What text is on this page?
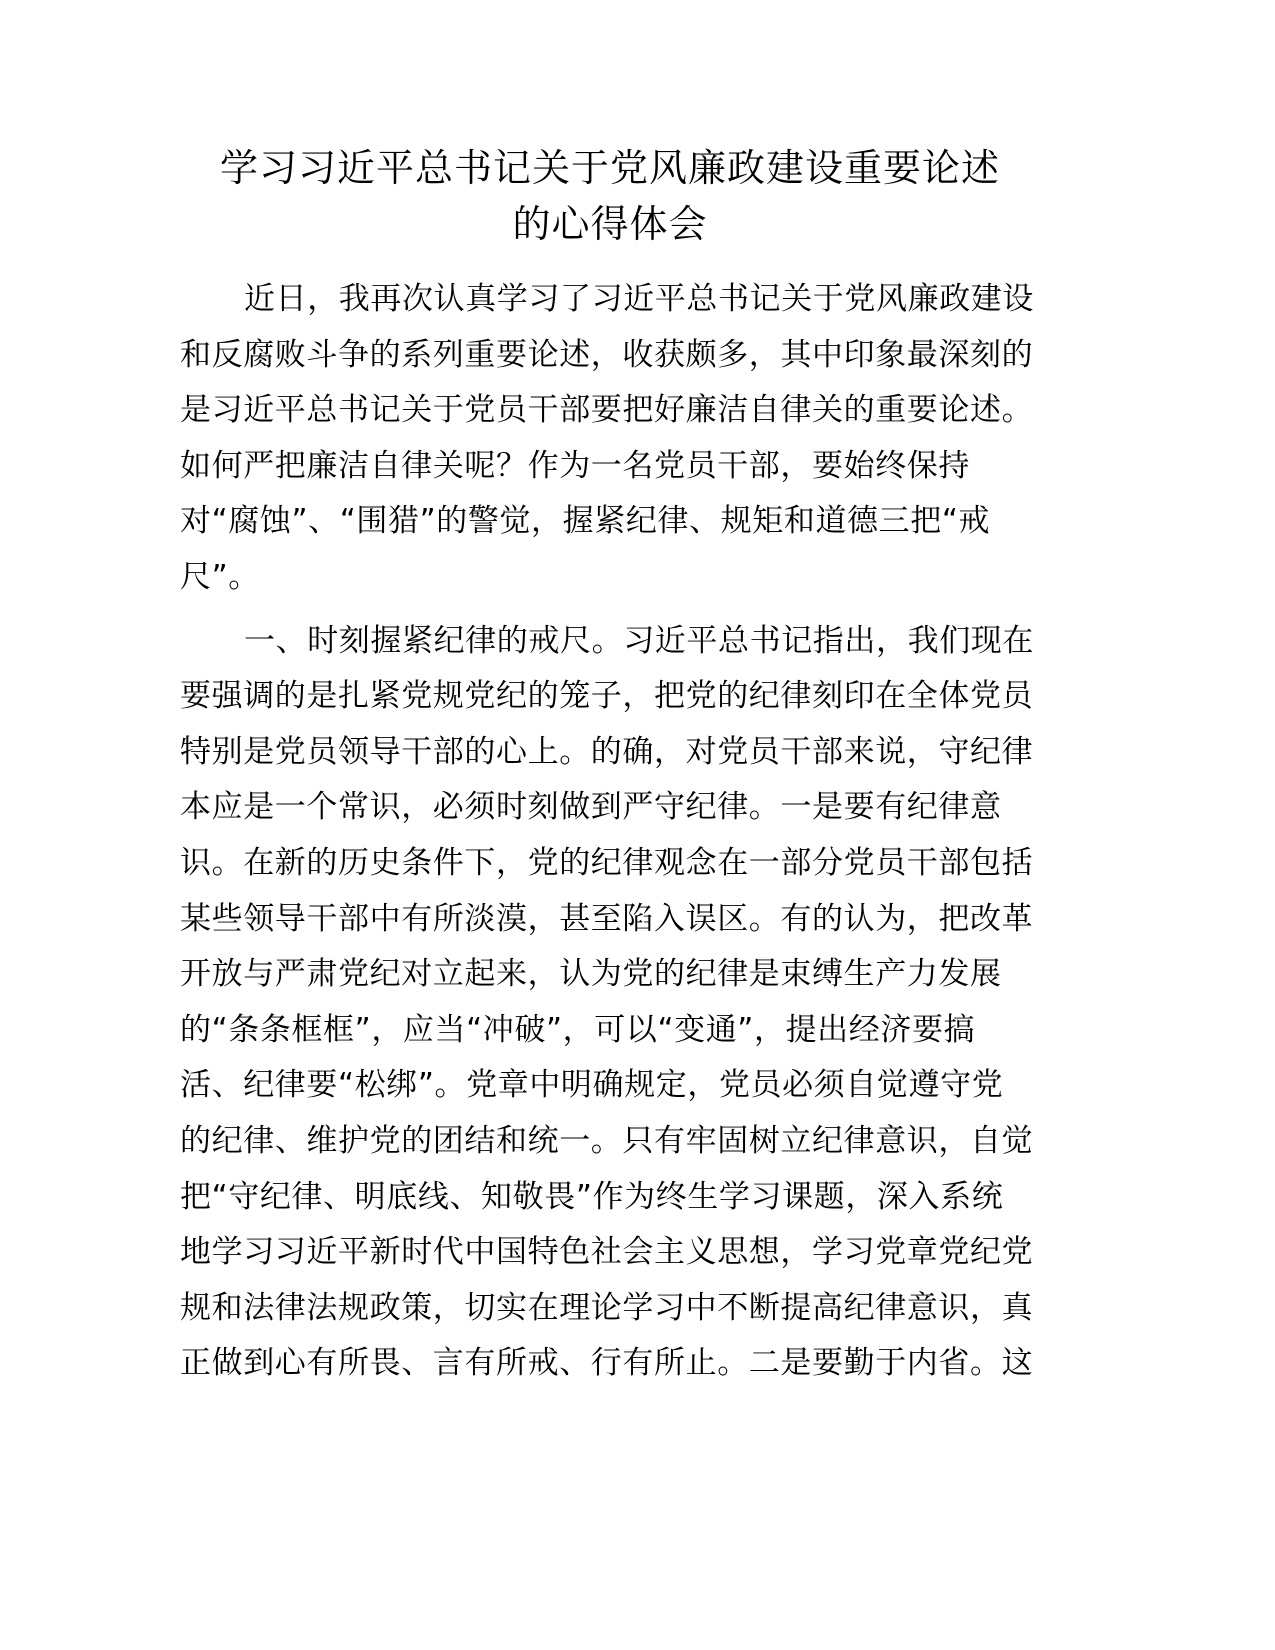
学习习近平总书记关于党风廉政建设重要论述
的心得体会
近日，我再次认真学习了习近平总书记关于党风廉政建设
和反腐败斗争的系列重要论述，收获颇多，其中印象最深刻的
是习近平总书记关于党员干部要把好廉洁自律关的重要论述。
如何严把廉洁自律关呢？作为一名党员干部，要始终保持
对“腐蚀”、“围猎”的警觉，握紧纪律、规矩和道德三把“戒
尺”。
一、时刻握紧纪律的戒尺。习近平总书记指出，我们现在
要强调的是扎紧党规党纪的笼子，把党的纪律刻印在全体党员
特别是党员领导干部的心上。的确，对党员干部来说，守纪律
本应是一个常识，必须时刻做到严守纪律。一是要有纪律意
识。在新的历史条件下，党的纪律观念在一部分党员干部包括
某些领导干部中有所淡漠，甚至陷入误区。有的认为，把改革
开放与严肃党纪对立起来，认为党的纪律是束缚生产力发展
的“条条框框”，应当“冲破”，可以“变通”，提出经济要搞
活、纪律要“松绑”。党章中明确规定，党员必须自觉遵守党
的纪律、维护党的团结和统一。只有牢固树立纪律意识，自觉
把“守纪律、明底线、知敬畏”作为终生学习课题，深入系统
地学习习近平新时代中国特色社会主义思想，学习党章党纪党
规和法律法规政策，切实在理论学习中不断提高纪律意识，真
正做到心有所畏、言有所戒、行有所止。二是要勤于内省。这
